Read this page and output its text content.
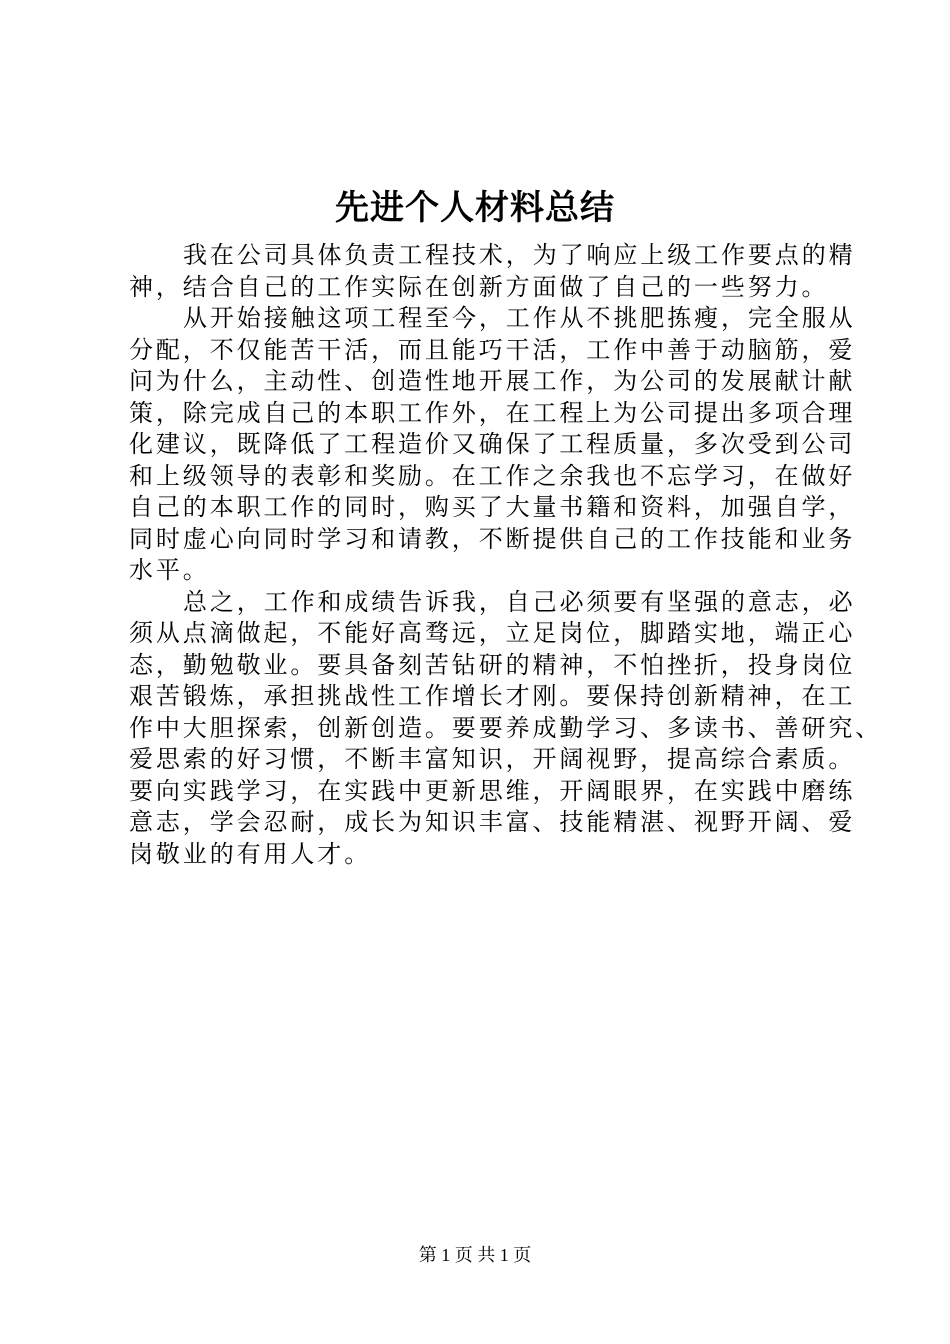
先进个人材料总结
我在公司具体负责工程技术，为了响应上级工作要点的精
神，结合自己的工作实际在创新方面做了自己的一些努力。
从开始接触这项工程至今，工作从不挑肥拣瘦，完全服从
分配，不仅能苦干活，而且能巧干活，工作中善于动脑筋，爱
问为什么，主动性、创造性地开展工作，为公司的发展献计献
策，除完成自己的本职工作外，在工程上为公司提出多项合理
化建议，既降低了工程造价又确保了工程质量，多次受到公司
和上级领导的表彰和奖励。在工作之余我也不忘学习，在做好
自己的本职工作的同时，购买了大量书籍和资料，加强自学，
同时虚心向同时学习和请教，不断提供自己的工作技能和业务
水平。
总之，工作和成绩告诉我，自己必须要有坚强的意志，必
须从点滴做起，不能好高骛远，立足岗位，脚踏实地，端正心
态，勤勉敬业。要具备刻苦钻研的精神，不怕挫折，投身岗位
艰苦锻炼，承担挑战性工作增长才刚。要保持创新精神，在工
作中大胆探索，创新创造。要要养成勤学习、多读书、善研究、
爱思索的好习惯，不断丰富知识，开阔视野，提高综合素质。
要向实践学习，在实践中更新思维，开阔眼界，在实践中磨练
意志，学会忍耐，成长为知识丰富、技能精湛、视野开阔、爱
岗敬业的有用人才。
第 1 页 共 1 页
